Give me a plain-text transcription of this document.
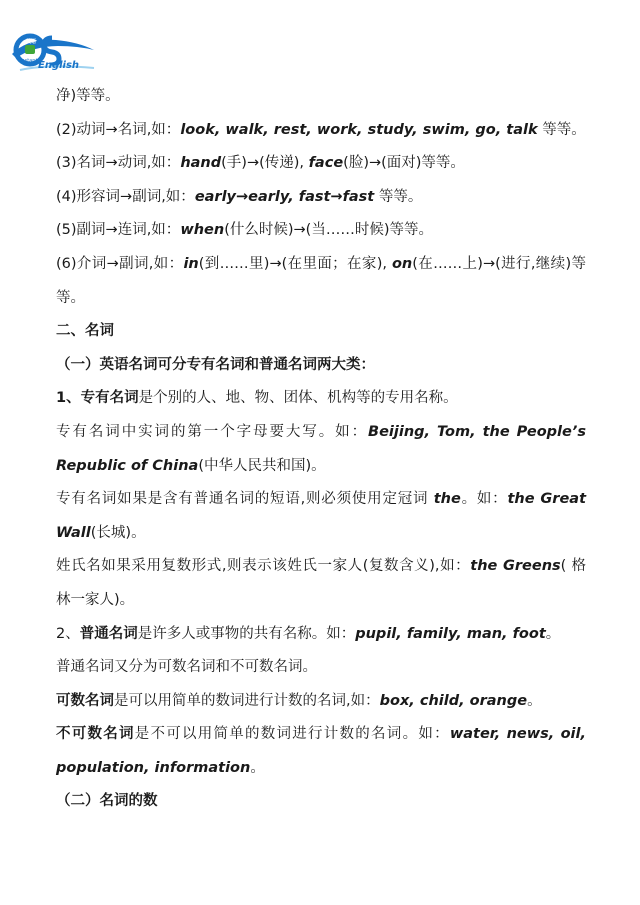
英语
Instant English
净)等等。
(2)动词→名词,如：look, walk, rest, work, study, swim, go, talk 等等。
(3)名词→动词,如：hand(手)→(传递), face(脸)→(面对)等等。
(4)形容词→副词,如：early→early, fast→fast 等等。
(5)副词→连词,如：when(什么时候)→(当……时候)等等。
(6)介词→副词,如：in(到……里)→(在里面；在家), on(在……上)→(进行,继续)等
等。
二、名词
（一）英语名词可分专有名词和普通名词两大类：
1、专有名词是个别的人、地、物、团体、机构等的专用名称。
专有名词中实词的第一个字母要大写。如：Beijing, Tom, the People’s
Republic of China(中华人民共和国)。
专有名词如果是含有普通名词的短语,则必须使用定冠词 the。如：the Great
Wall(长城)。
姓氏名如果采用复数形式,则表示该姓氏一家人(复数含义),如：the Greens( 格
林一家人)。
2、普通名词是许多人或事物的共有名称。如：pupil, family, man, foot。
普通名词又分为可数名词和不可数名词。
可数名词是可以用简单的数词进行计数的名词,如：box, child, orange。
不可数名词是不可以用简单的数词进行计数的名词。如：water, news, oil,
population, information。
（二）名词的数
